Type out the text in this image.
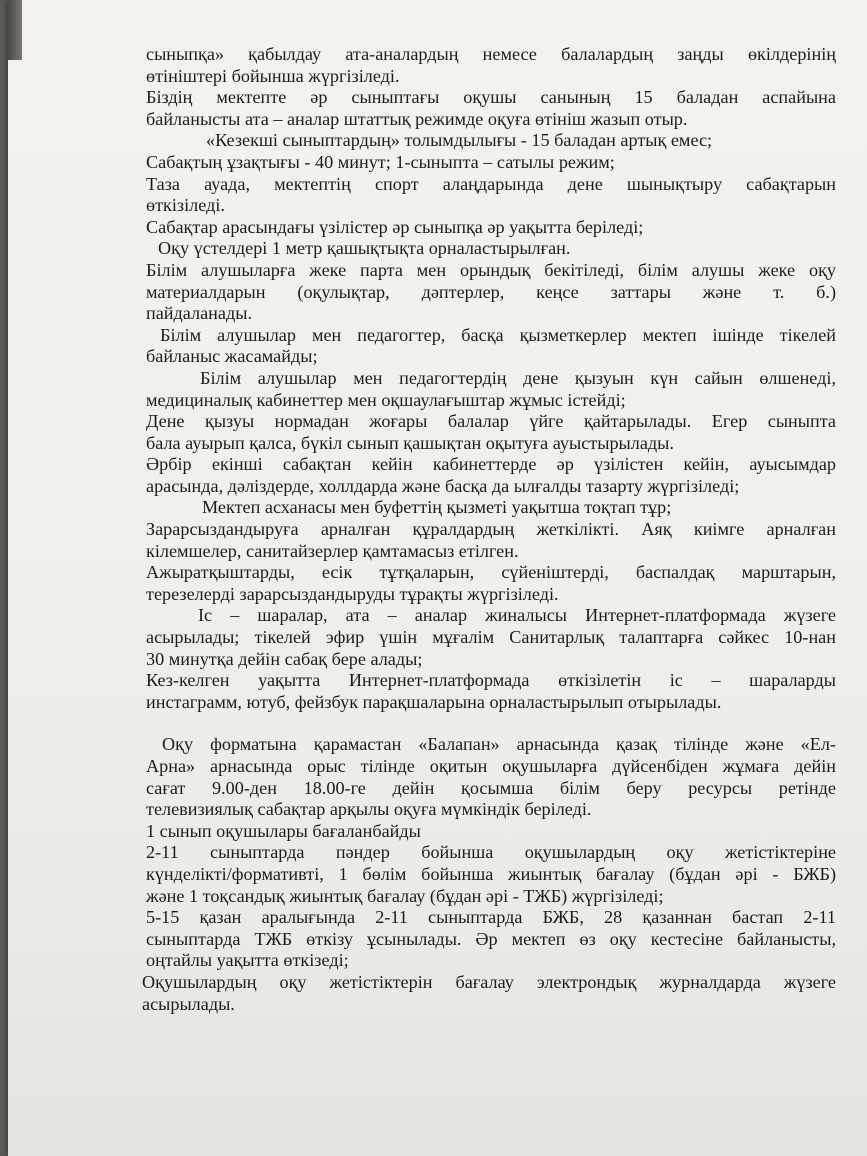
сыныпқа» қабылдау ата-аналардың немесе балалардың заңды өкілдерінің
өтініштері бойынша жүргізіледі.
Біздің мектепте әр сыныптағы оқушы санының 15 баладан аспайына
байланысты ата – аналар штаттық режимде оқуға өтініш жазып отыр.
«Кезекші сыныптардың» толымдылығы - 15 баладан артық емес;
Сабақтың ұзақтығы - 40 минут; 1-сыныпта – сатылы режим;
Таза ауада, мектептің спорт алаңдарында дене шынықтыру сабақтарын
өткізіледі.
Сабақтар арасындағы үзілістер әр сыныпқа әр уақытта беріледі;
Оқу үстелдері 1 метр қашықтықта орналастырылған.
Білім алушыларға жеке парта мен орындық бекітіледі, білім алушы жеке оқу
материалдарын (оқулықтар, дәптерлер, кеңсе заттары және т. б.)
пайдаланады.
Білім алушылар мен педагогтер, басқа қызметкерлер мектеп ішінде тікелей
байланыс жасамайды;
Білім алушылар мен педагогтердің дене қызуын күн сайын өлшенеді,
медициналық кабинеттер мен оқшаулағыштар жұмыс істейді;
Дене қызуы нормадан жоғары балалар үйге қайтарылады. Егер сыныпта
бала ауырып қалса, бүкіл сынып қашықтан оқытуға ауыстырылады.
Әрбір екінші сабақтан кейін кабинеттерде әр үзілістен кейін, ауысымдар
арасында, дәліздерде, холлдарда және басқа да ылғалды тазарту жүргізіледі;
Мектеп асханасы мен буфеттің қызметі уақытша тоқтап тұр;
Зарарсыздандыруға арналған құралдардың жеткілікті. Аяқ киімге арналған
кілемшелер, санитайзерлер қамтамасыз етілген.
Ажыратқыштарды, есік тұтқаларын, сүйеніштерді, баспалдақ марштарын,
терезелерді зарарсыздандыруды тұрақты жүргізіледі.
Іс – шаралар, ата – аналар жиналысы Интернет-платформада жүзеге
асырылады; тікелей эфир үшін мұғалім Санитарлық талаптарға сәйкес 10-нан
30 минутқа дейін сабақ бере алады;
Кез-келген уақытта Интернет-платформада өткізілетін іс – шараларды
инстаграмм, ютуб, фейзбук парақшаларына орналастырылып отырылады.
Оқу форматына қарамастан «Балапан» арнасында қазақ тілінде және «Ел-
Арна» арнасында орыс тілінде оқитын оқушыларға дүйсенбіден жұмаға дейін
сағат 9.00-ден 18.00-ге дейін қосымша білім беру ресурсы ретінде
телевизиялық сабақтар арқылы оқуға мүмкіндік беріледі.
1 сынып оқушылары бағаланбайды
2-11 сыныптарда пәндер бойынша оқушылардың оқу жетістіктеріне
күнделікті/формативті, 1 бөлім бойынша жиынтық бағалау (бұдан әрі - БЖБ)
және 1 тоқсандық жиынтық бағалау (бұдан әрі - ТЖБ) жүргізіледі;
5-15 қазан аралығында 2-11 сыныптарда БЖБ, 28 қазаннан бастап 2-11
сыныптарда ТЖБ өткізу ұсынылады. Әр мектеп өз оқу кестесіне байланысты,
оңтайлы уақытта өткізеді;
Оқушылардың оқу жетістіктерін бағалау электрондық журналдарда жүзеге
асырылады.
